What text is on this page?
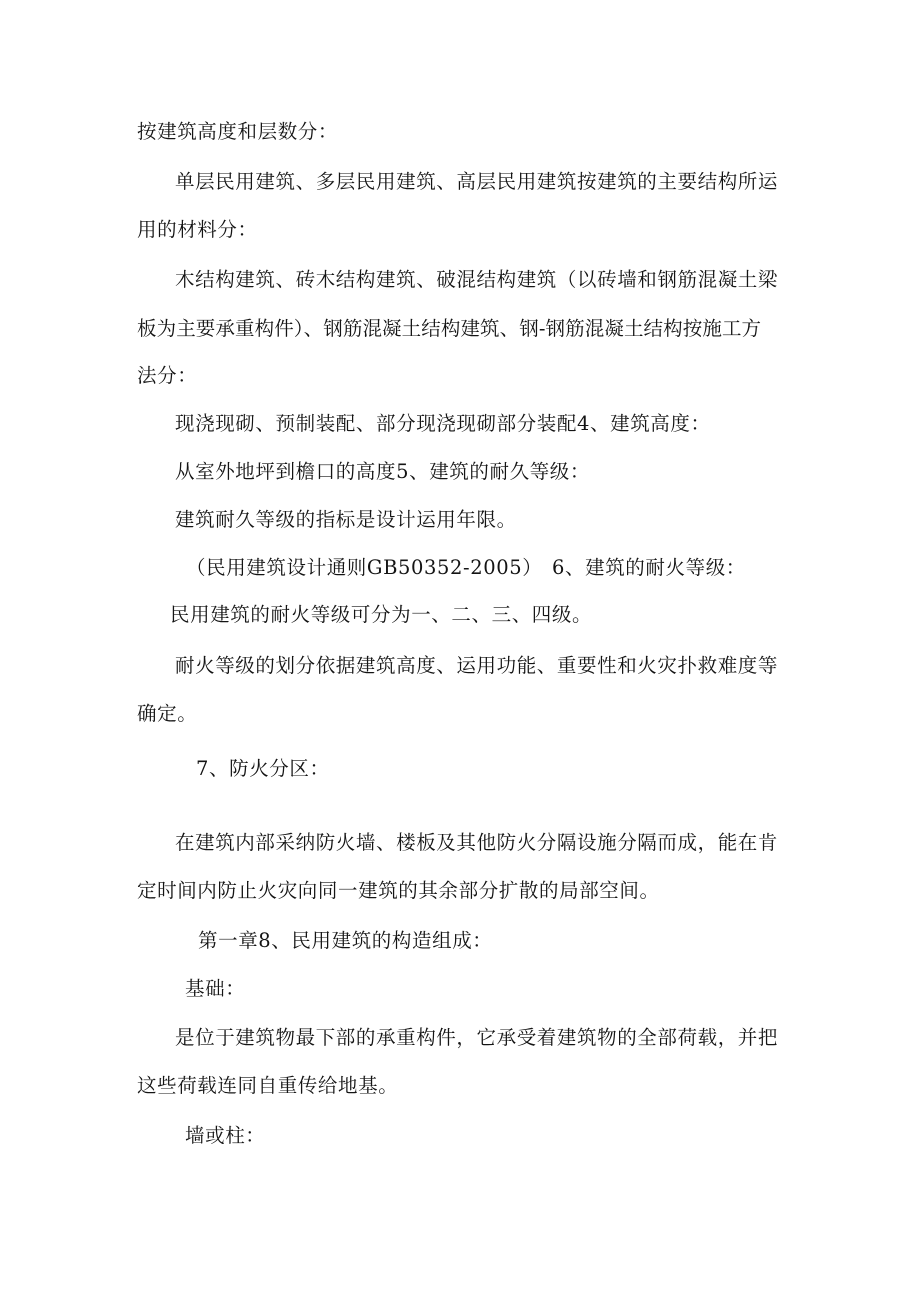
按建筑高度和层数分：

单层民用建筑、多层民用建筑、高层民用建筑按建筑的主要结构所运

用的材料分：

木结构建筑、砖木结构建筑、破混结构建筑（以砖墙和钢筋混凝土梁

板为主要承重构件）、钢筋混凝土结构建筑、钢-钢筋混凝土结构按施工方

法分：

现浇现砌、预制装配、部分现浇现砌部分装配4、建筑高度：

从室外地坪到檐口的高度5、建筑的耐久等级：

建筑耐久等级的指标是设计运用年限。

（民用建筑设计通则GB50352-2005） 6、建筑的耐火等级：

民用建筑的耐火等级可分为一、二、三、四级。

耐火等级的划分依据建筑高度、运用功能、重要性和火灾扑救难度等

确定。

7、防火分区：

在建筑内部采纳防火墙、楼板及其他防火分隔设施分隔而成，能在肯

定时间内防止火灾向同一建筑的其余部分扩散的局部空间。

第一章8、民用建筑的构造组成：

基础：

是位于建筑物最下部的承重构件，它承受着建筑物的全部荷载，并把

这些荷载连同自重传给地基。

墙或柱：
